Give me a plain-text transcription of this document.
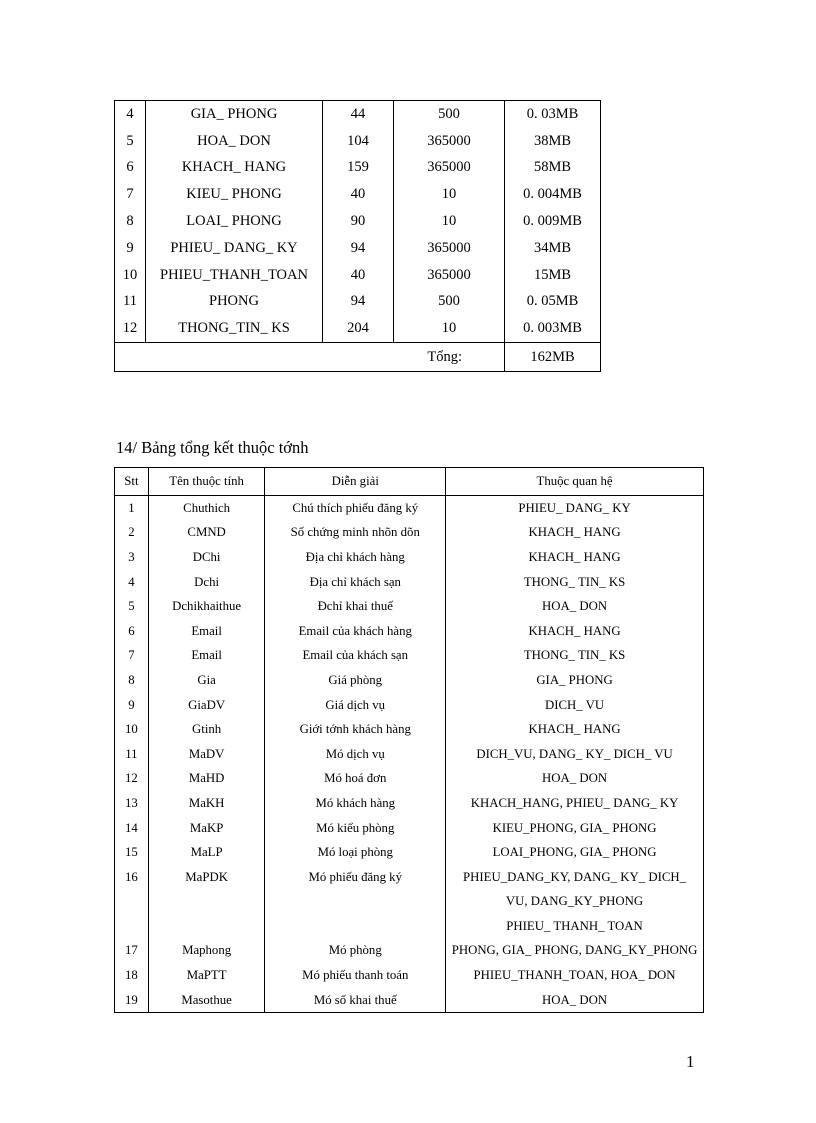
4	GIA_ PHONG	44	500	0. 03MB
5	HOA_ DON	104	365000	38MB
6	KHACH_ HANG	159	365000	58MB
7	KIEU_ PHONG	40	10	0. 004MB
8	LOAI_ PHONG	90	10	0. 009MB
9	PHIEU_ DANG_ KY	94	365000	34MB
10	PHIEU_THANH_TOAN	40	365000	15MB
11	PHONG	94	500	0. 05MB
12	THONG_TIN_ KS	204	10	0. 003MB
Tổng:				162MB
14/ Bảng tổng kết thuộc tớnh
Stt	Tên thuộc tính	Diễn giải	Thuộc quan hệ
1	Chuthich	Chú thích phiếu đăng ký	PHIEU_ DANG_ KY
2	CMND	Số chứng minh nhõn dõn	KHACH_ HANG
3	DChi	Địa chỉ khách hàng	KHACH_ HANG
4	Dchi	Địa chỉ khách sạn	THONG_ TIN_ KS
5	Dchikhaithue	Đchỉ khai thuế	HOA_ DON
6	Email	Email của khách hàng	KHACH_ HANG
7	Email	Email của khách sạn	THONG_ TIN_ KS
8	Gia	Giá phòng	GIA_ PHONG
9	GiaDV	Giá dịch vụ	DICH_ VU
10	Gtinh	Giới tớnh khách hàng	KHACH_ HANG
11	MaDV	Mó dịch vụ	DICH_VU, DANG_ KY_ DICH_ VU
12	MaHD	Mó hoá đơn	HOA_ DON
13	MaKH	Mó khách hàng	KHACH_HANG, PHIEU_ DANG_ KY
14	MaKP	Mó kiểu phòng	KIEU_PHONG, GIA_ PHONG
15	MaLP	Mó loại phòng	LOAI_PHONG, GIA_ PHONG
16	MaPDK	Mó phiếu đăng ký	PHIEU_DANG_KY, DANG_ KY_ DICH_
			VU, DANG_KY_PHONG
			PHIEU_ THANH_ TOAN
17	Maphong	Mó phòng	PHONG, GIA_ PHONG, DANG_KY_PHONG
18	MaPTT	Mó phiếu thanh toán	PHIEU_THANH_TOAN, HOA_ DON
19	Masothue	Mó số khai thuế	HOA_ DON
1
